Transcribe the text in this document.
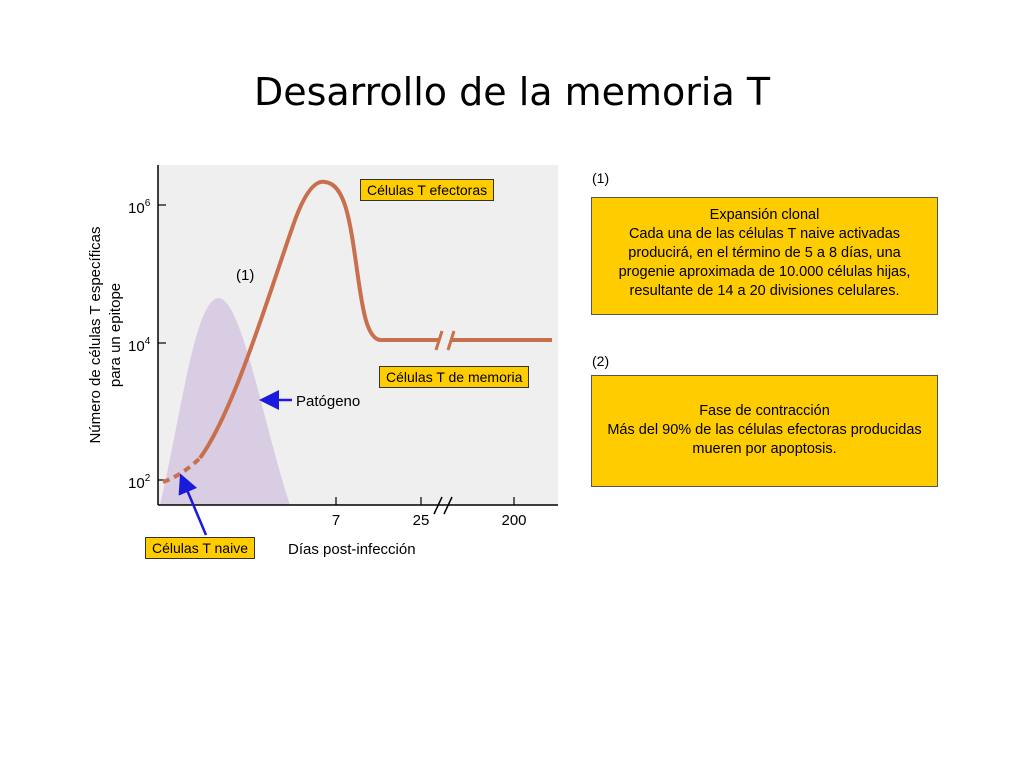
Desarrollo de la memoria T
Número de células T específicas para un epitope
$10^2$
$10^4$
$10^6$
7	25	200
Días post-infección
(1)
Patógeno
Células T efectoras
Células T de memoria
Células T naive
(1)
Expansión clonal
Cada una de las células T naive activadas
producirá, en el término de 5 a 8 días, una
progenie aproximada de 10.000 células hijas,
resultante de 14 a 20 divisiones celulares.
(2)
Fase de contracción
Más del 90% de las células efectoras producidas
mueren por apoptosis.
